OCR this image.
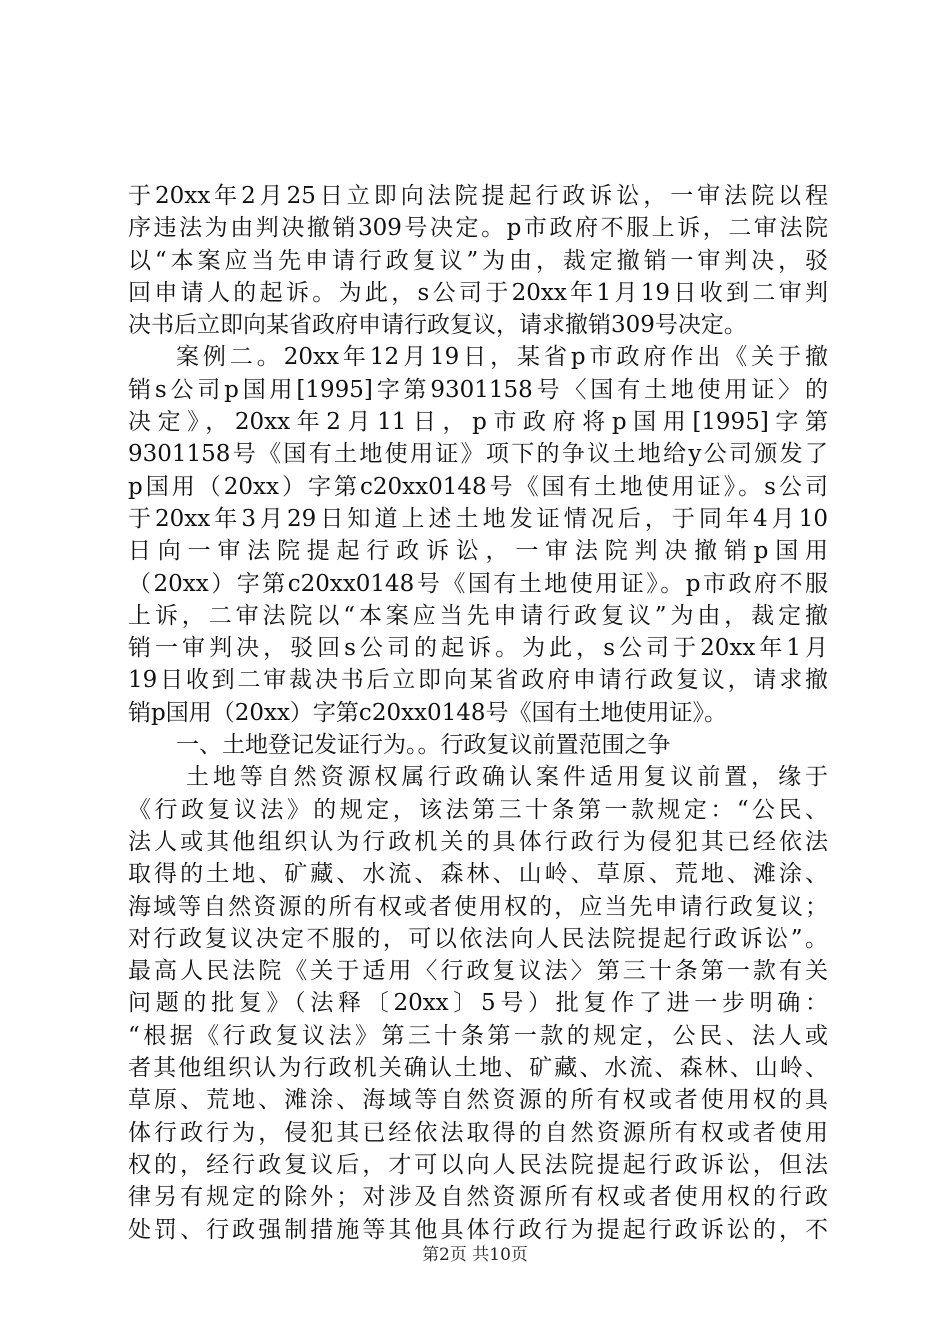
于20xx年2月25日立即向法院提起行政诉讼，一审法院以程
序违法为由判决撤销309号决定。p市政府不服上诉，二审法院
以“本案应当先申请行政复议”为由，裁定撤销一审判决，驳
回申请人的起诉。为此，s公司于20xx年1月19日收到二审判
决书后立即向某省政府申请行政复议，请求撤销309号决定。
案例二。20xx年12月19日，某省p市政府作出《关于撤
销s公司p国用[1995]字第9301158号〈国有土地使用证〉的
决定》，20xx年2月11日，p市政府将p国用[1995]字第
9301158号《国有土地使用证》项下的争议土地给y公司颁发了
p国用（20xx）字第c20xx0148号《国有土地使用证》。s公司
于20xx年3月29日知道上述土地发证情况后，于同年4月10
日向一审法院提起行政诉讼，一审法院判决撤销p国用
（20xx）字第c20xx0148号《国有土地使用证》。p市政府不服
上诉，二审法院以“本案应当先申请行政复议”为由，裁定撤
销一审判决，驳回s公司的起诉。为此，s公司于20xx年1月
19日收到二审裁决书后立即向某省政府申请行政复议，请求撤
销p国用（20xx）字第c20xx0148号《国有土地使用证》。
一、土地登记发证行为。。行政复议前置范围之争
土地等自然资源权属行政确认案件适用复议前置，缘于
《行政复议法》的规定，该法第三十条第一款规定：“公民、
法人或其他组织认为行政机关的具体行政行为侵犯其已经依法
取得的土地、矿藏、水流、森林、山岭、草原、荒地、滩涂、
海域等自然资源的所有权或者使用权的，应当先申请行政复议；
对行政复议决定不服的，可以依法向人民法院提起行政诉讼”。
最高人民法院《关于适用〈行政复议法〉第三十条第一款有关
问题的批复》（法释〔20xx〕5号）批复作了进一步明确：
“根据《行政复议法》第三十条第一款的规定，公民、法人或
者其他组织认为行政机关确认土地、矿藏、水流、森林、山岭、
草原、荒地、滩涂、海域等自然资源的所有权或者使用权的具
体行政行为，侵犯其已经依法取得的自然资源所有权或者使用
权的，经行政复议后，才可以向人民法院提起行政诉讼，但法
律另有规定的除外；对涉及自然资源所有权或者使用权的行政
处罚、行政强制措施等其他具体行政行为提起行政诉讼的，不
第2页 共10页
